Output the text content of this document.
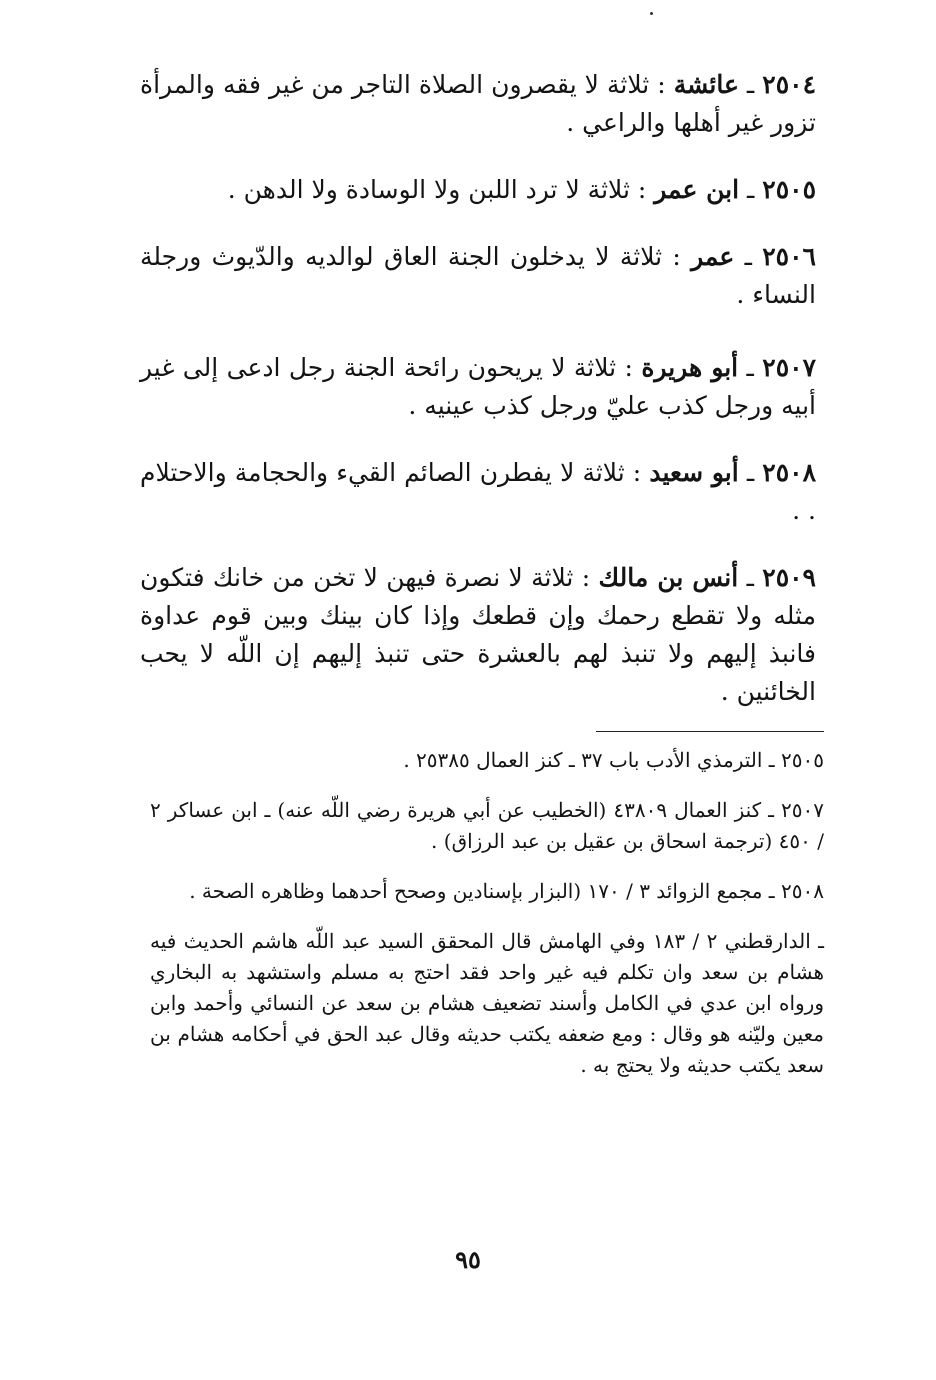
٢٥٠٤ ـ عائشة : ثلاثة لا يقصرون الصلاة التاجر من غير فقه والمرأة تزور غير أهلها والراعي .

٢٥٠٥ ـ ابن عمر : ثلاثة لا ترد اللبن ولا الوسادة ولا الدهن .

٢٥٠٦ ـ عمر : ثلاثة لا يدخلون الجنة العاق لوالديه والدّيوث ورجلة النساء .

٢٥٠٧ ـ أبو هريرة : ثلاثة لا يريحون رائحة الجنة رجل ادعى إلى غير أبيه ورجل كذب عليّ ورجل كذب عينيه .

٢٥٠٨ ـ أبو سعيد : ثلاثة لا يفطرن الصائم القيء والحجامة والاحتلام . .

٢٥٠٩ ـ أنس بن مالك : ثلاثة لا نصرة فيهن لا تخن من خانك فتكون مثله ولا تقطع رحمك وإن قطعك وإذا كان بينك وبين قوم عداوة فانبذ إليهم ولا تنبذ لهم بالعشرة حتى تنبذ إليهم إن اللّه لا يحب الخائنين .

٢٥٠٥ ـ الترمذي الأدب باب ٣٧ ـ كنز العمال ٢٥٣٨٥ .

٢٥٠٧ ـ كنز العمال ٤٣٨٠٩ (الخطيب عن أبي هريرة رضي اللّه عنه) ـ ابن عساكر ٢ / ٤٥٠ (ترجمة اسحاق بن عقيل بن عبد الرزاق) .

٢٥٠٨ ـ مجمع الزوائد ٣ / ١٧٠ (البزار بإسنادين وصحح أحدهما وظاهره الصحة .

ـ الدارقطني ٢ / ١٨٣ وفي الهامش قال المحقق السيد عبد اللّه هاشم الحديث فيه هشام بن سعد وان تكلم فيه غير واحد فقد احتج به مسلم واستشهد به البخاري ورواه ابن عدي في الكامل وأسند تضعيف هشام بن سعد عن النسائي وأحمد وابن معين وليّنه هو وقال : ومع ضعفه يكتب حديثه وقال عبد الحق في أحكامه هشام بن سعد يكتب حديثه ولا يحتج به .

٩٥
